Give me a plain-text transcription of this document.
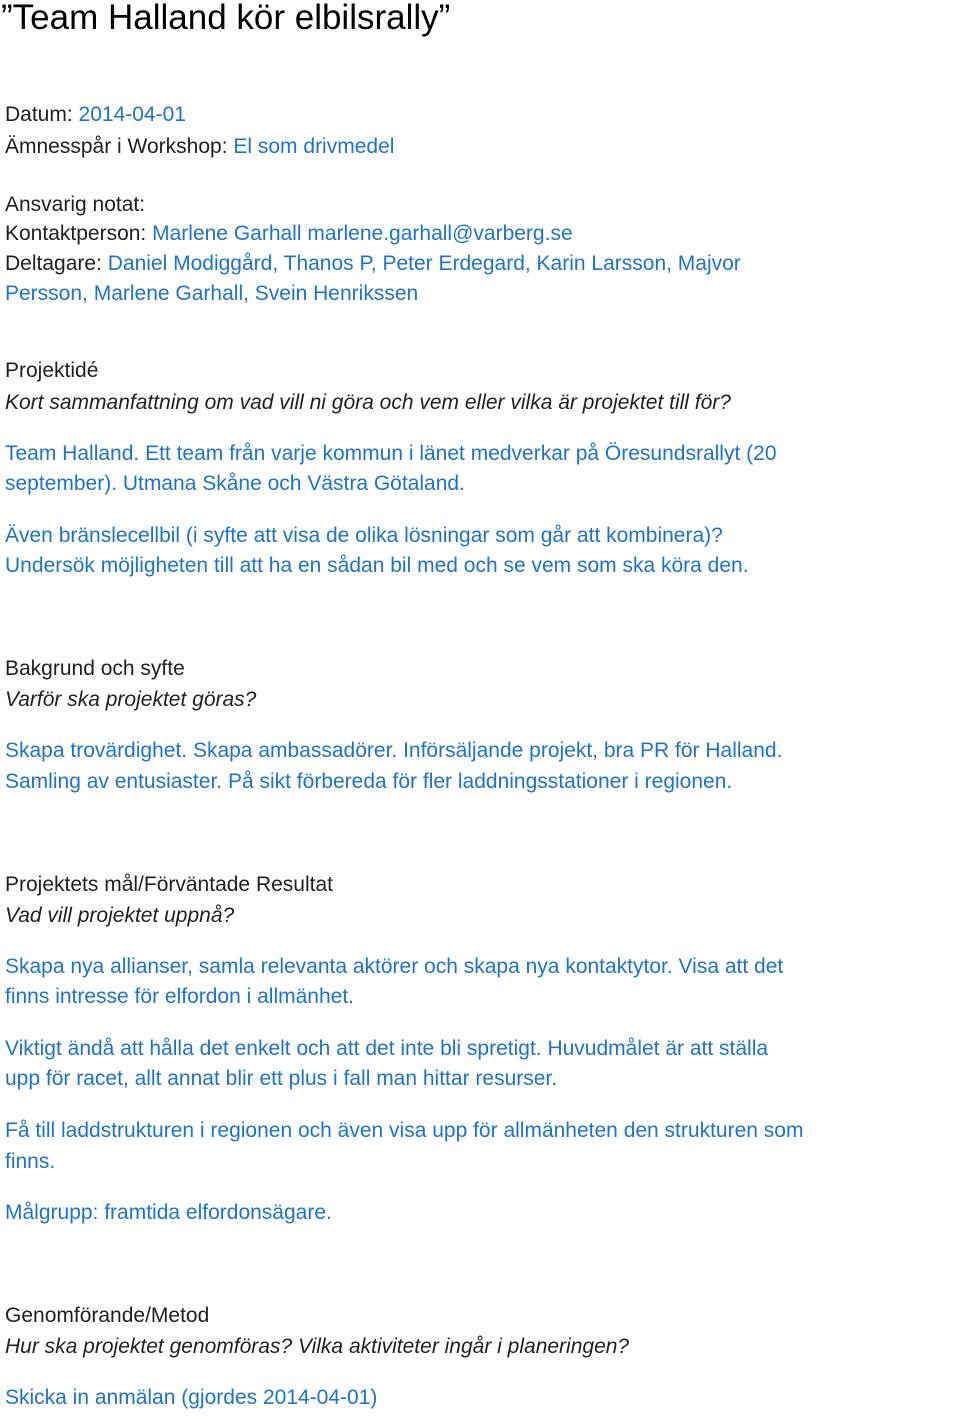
”Team Halland kör elbilsrally”

Datum: 2014-04-01

Ämnesspår i Workshop: El som drivmedel

Ansvarig notat:

Kontaktperson: Marlene Garhall marlene.garhall@varberg.se

Deltagare: Daniel Modiggård, Thanos P, Peter Erdegard, Karin Larsson, Majvor

Persson, Marlene Garhall, Svein Henrikssen

Projektidé

Kort sammanfattning om vad vill ni göra och vem eller vilka är projektet till för?

Team Halland. Ett team från varje kommun i länet medverkar på Öresundsrallyt (20

september). Utmana Skåne och Västra Götaland.

Även bränslecellbil (i syfte att visa de olika lösningar som går att kombinera)?

Undersök möjligheten till att ha en sådan bil med och se vem som ska köra den.

Bakgrund och syfte

Varför ska projektet göras?

Skapa trovärdighet. Skapa ambassadörer. Införsäljande projekt, bra PR för Halland.

Samling av entusiaster. På sikt förbereda för fler laddningsstationer i regionen.

Projektets mål/Förväntade Resultat

Vad vill projektet uppnå?

Skapa nya allianser, samla relevanta aktörer och skapa nya kontaktytor. Visa att det

finns intresse för elfordon i allmänhet.

Viktigt ändå att hålla det enkelt och att det inte bli spretigt. Huvudmålet är att ställa

upp för racet, allt annat blir ett plus i fall man hittar resurser.

Få till laddstrukturen i regionen och även visa upp för allmänheten den strukturen som

finns.

Målgrupp: framtida elfordonsägare.

Genomförande/Metod

Hur ska projektet genomföras? Vilka aktiviteter ingår i planeringen?

Skicka in anmälan (gjordes 2014-04-01)
